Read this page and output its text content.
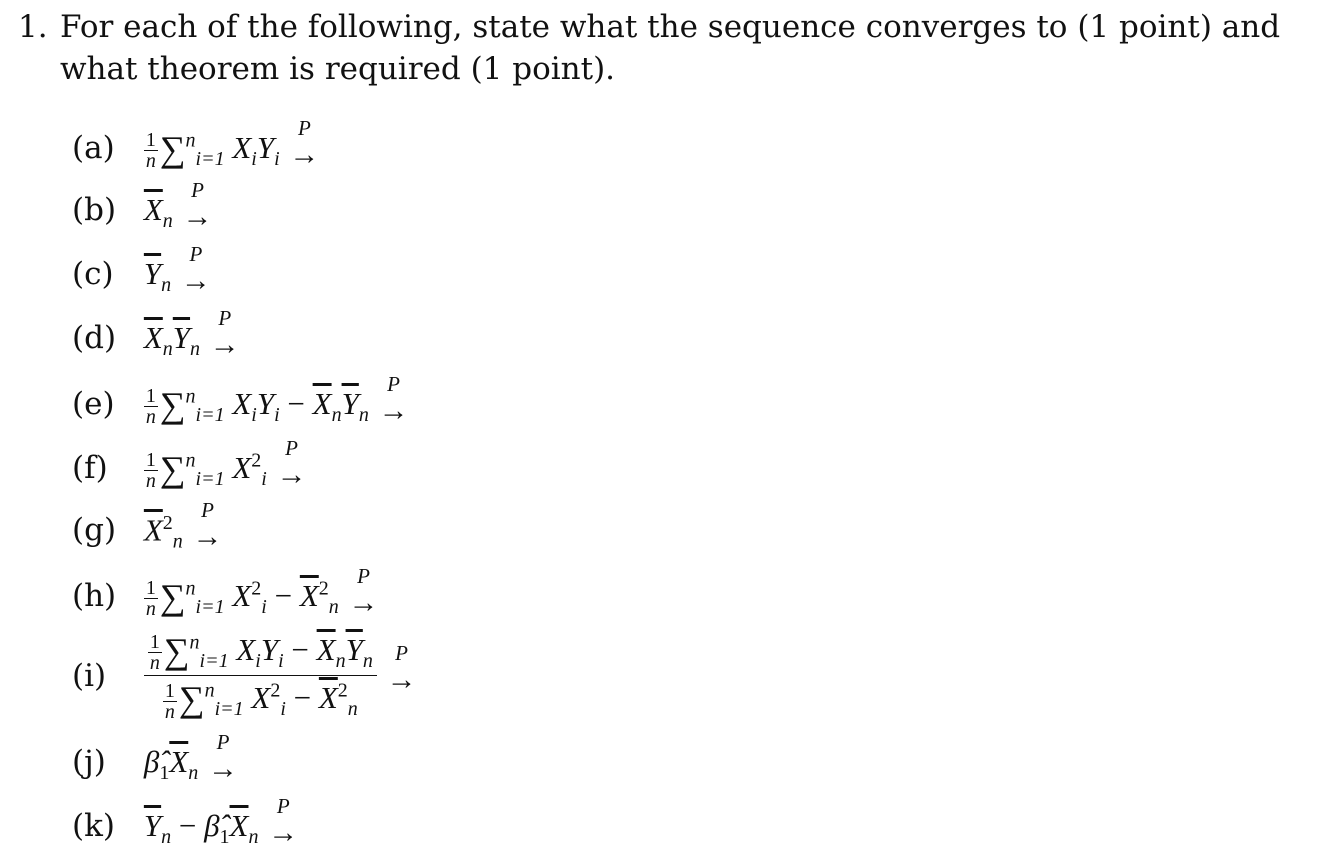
1. For each of the following, state what the sequence converges to (1 point) and what theorem is required (1 point).
$(a) \frac{1}{n} \sum^n_{i=1}$ $X_iY_i$
P
→
(b) $\overline{X}_n$
P
→
(c) $\overline{Y}_n$
P
→
(d) $\overline{X}_n\overline{Y}_n$
P
→
$(e) \frac{1}{n} \sum^n_{i=1}$ $X_iY_i - \overline{X}_n\overline{Y}_n$
P
→
$(f) \frac{1}{n} \sum^n_{i=1}$ $X^2_i$
P
→
(g) $\overline{X}^2_n$
P
→
$(h) \frac{1}{n} \sum^n_{i=1}$ $X^2_i - \overline{X}^2_n$
P
→
(i)
$\frac{1}{n} \sum^n_{i=1}$ $X_iY_i - \overline{X}_n\overline{Y}_n$
$\frac{1}{n} \sum^n_{i=1}$ $X^2_i - \overline{X}^2_n$

P
→
(j) $\betâ_1\overline{X}_n$
P
→
(k) $\overline{Y}_n$ − $\betâ_1\overline{X}_n$
P
→
